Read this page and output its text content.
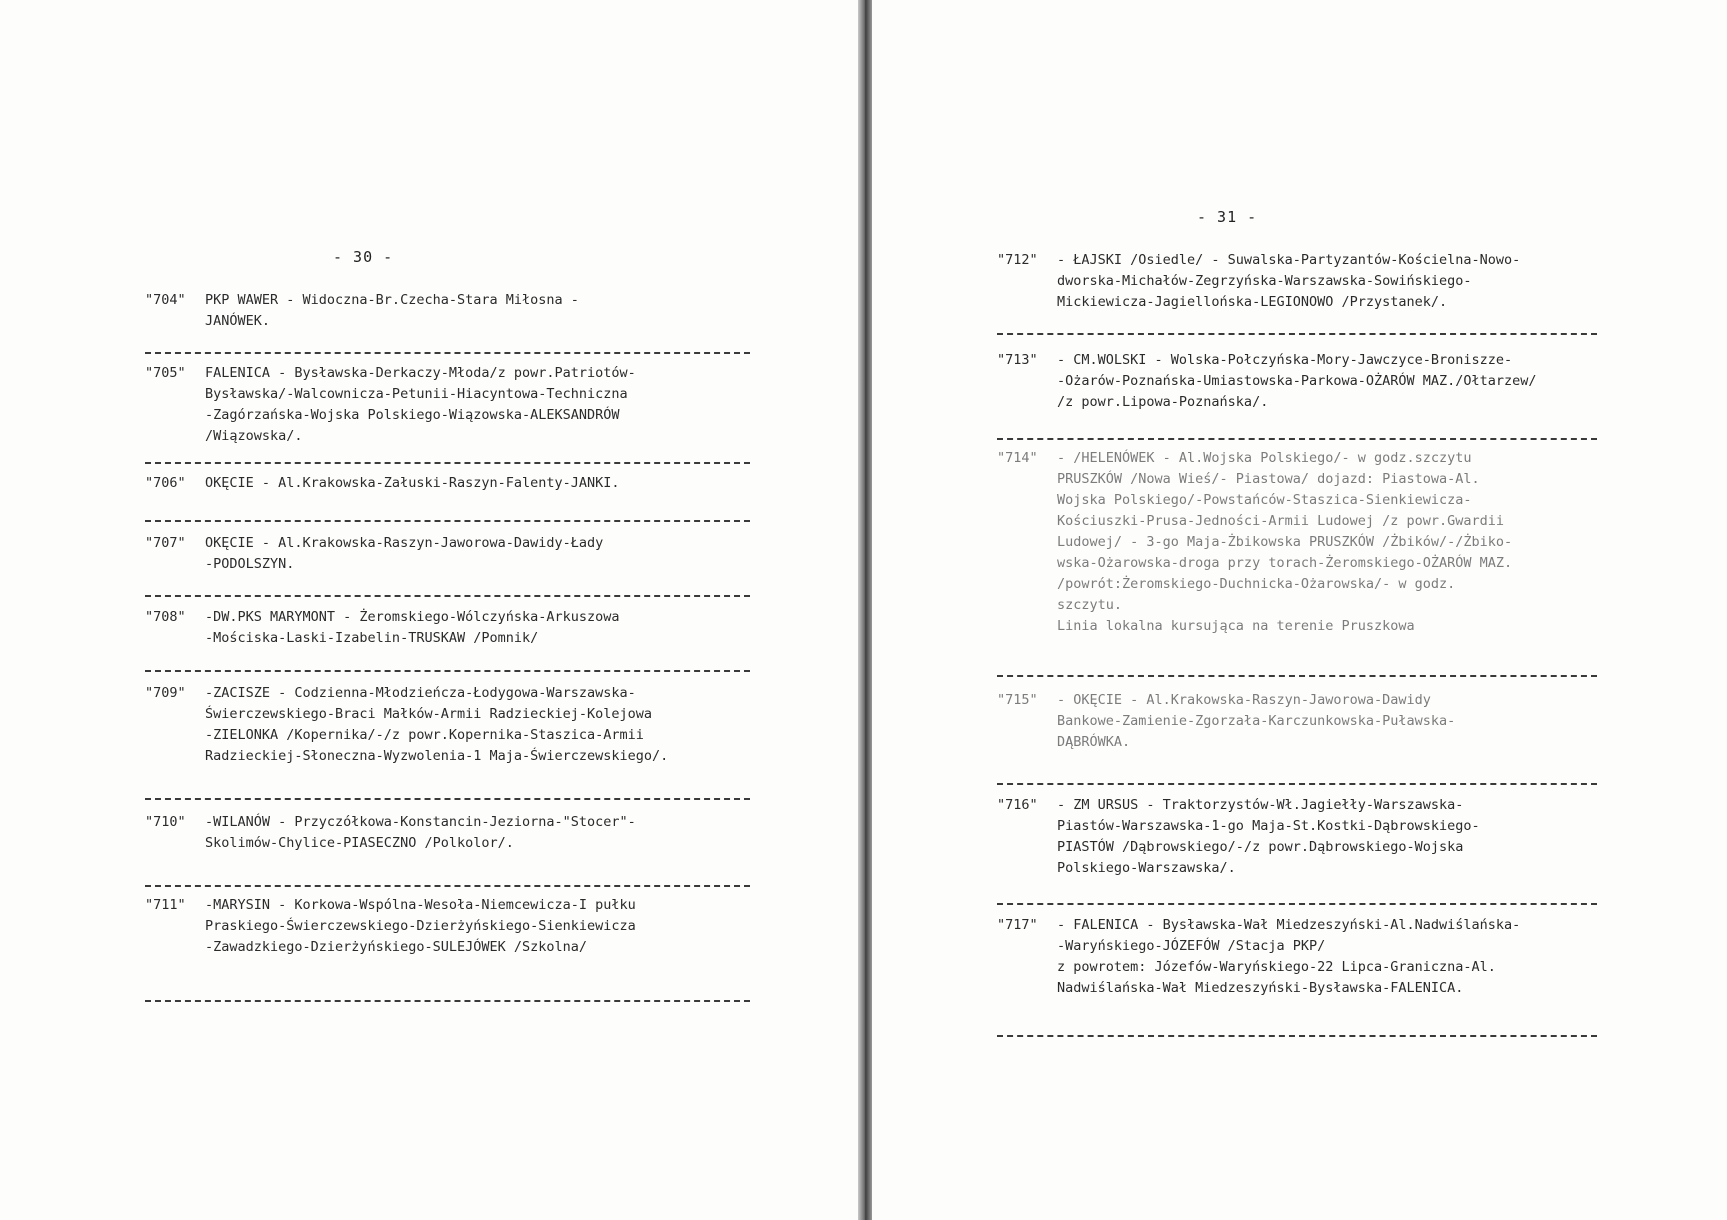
- 30 -
"704" PKP WAWER - Widoczna-Br.Czecha-Stara Miłosna -
JANÓWEK.
"705" FALENICA - Bysławska-Derkaczy-Młoda/z powr.Patriotów-
Bysławska/-Walcownicza-Petunii-Hiacyntowa-Techniczna
-Zagórzańska-Wojska Polskiego-Wiązowska-ALEKSANDRÓW
/Wiązowska/.
"706" OKĘCIE - Al.Krakowska-Załuski-Raszyn-Falenty-JANKI.
"707" OKĘCIE - Al.Krakowska-Raszyn-Jaworowa-Dawidy-Łady
-PODOLSZYN.
"708" -DW.PKS MARYMONT - Żeromskiego-Wólczyńska-Arkuszowa
-Mościska-Laski-Izabelin-TRUSKAW /Pomnik/
"709" -ZACISZE - Codzienna-Młodzieńcza-Łodygowa-Warszawska-
Świerczewskiego-Braci Małków-Armii Radzieckiej-Kolejowa
-ZIELONKA /Kopernika/-/z powr.Kopernika-Staszica-Armii
Radzieckiej-Słoneczna-Wyzwolenia-1 Maja-Świerczewskiego/.
"710" -WILANÓW - Przyczółkowa-Konstancin-Jeziorna-"Stocer"-
Skolimów-Chylice-PIASECZNO /Polkolor/.
"711" -MARYSIN - Korkowa-Wspólna-Wesoła-Niemcewicza-I pułku
Praskiego-Świerczewskiego-Dzierżyńskiego-Sienkiewicza
-Zawadzkiego-Dzierżyńskiego-SULEJÓWEK /Szkolna/
- 31 -
"712" - ŁAJSKI /Osiedle/ - Suwalska-Partyzantów-Kościelna-Nowo-
dworska-Michałów-Zegrzyńska-Warszawska-Sowińskiego-
Mickiewicza-Jagiellońska-LEGIONOWO /Przystanek/.
"713" - CM.WOLSKI - Wolska-Połczyńska-Mory-Jawczyce-Broniszze-
-Ożarów-Poznańska-Umiastowska-Parkowa-OŻARÓW MAZ./Ołtarzew/
/z powr.Lipowa-Poznańska/.
"714" - /HELENÓWEK - Al.Wojska Polskiego/- w godz.szczytu
PRUSZKÓW /Nowa Wieś/- Piastowa/ dojazd: Piastowa-Al.
Wojska Polskiego/-Powstańców-Staszica-Sienkiewicza-
Kościuszki-Prusa-Jedności-Armii Ludowej /z powr.Gwardii
Ludowej/ - 3-go Maja-Żbikowska PRUSZKÓW /Żbików/-/Żbiko-
wska-Ożarowska-droga przy torach-Żeromskiego-OŻARÓW MAZ.
/powrót:Żeromskiego-Duchnicka-Ożarowska/- w godz.
szczytu.
Linia lokalna kursująca na terenie Pruszkowa
"715" - OKĘCIE - Al.Krakowska-Raszyn-Jaworowa-Dawidy
Bankowe-Zamienie-Zgorzała-Karczunkowska-Puławska-
DĄBRÓWKA.
"716" - ZM URSUS - Traktorzystów-Wł.Jagiełły-Warszawska-
Piastów-Warszawska-1-go Maja-St.Kostki-Dąbrowskiego-
PIASTÓW /Dąbrowskiego/-/z powr.Dąbrowskiego-Wojska
Polskiego-Warszawska/.
"717" - FALENICA - Bysławska-Wał Miedzeszyński-Al.Nadwiślańska-
-Waryńskiego-JÓZEFÓW /Stacja PKP/
z powrotem: Józefów-Waryńskiego-22 Lipca-Graniczna-Al.
Nadwiślańska-Wał Miedzeszyński-Bysławska-FALENICA.
